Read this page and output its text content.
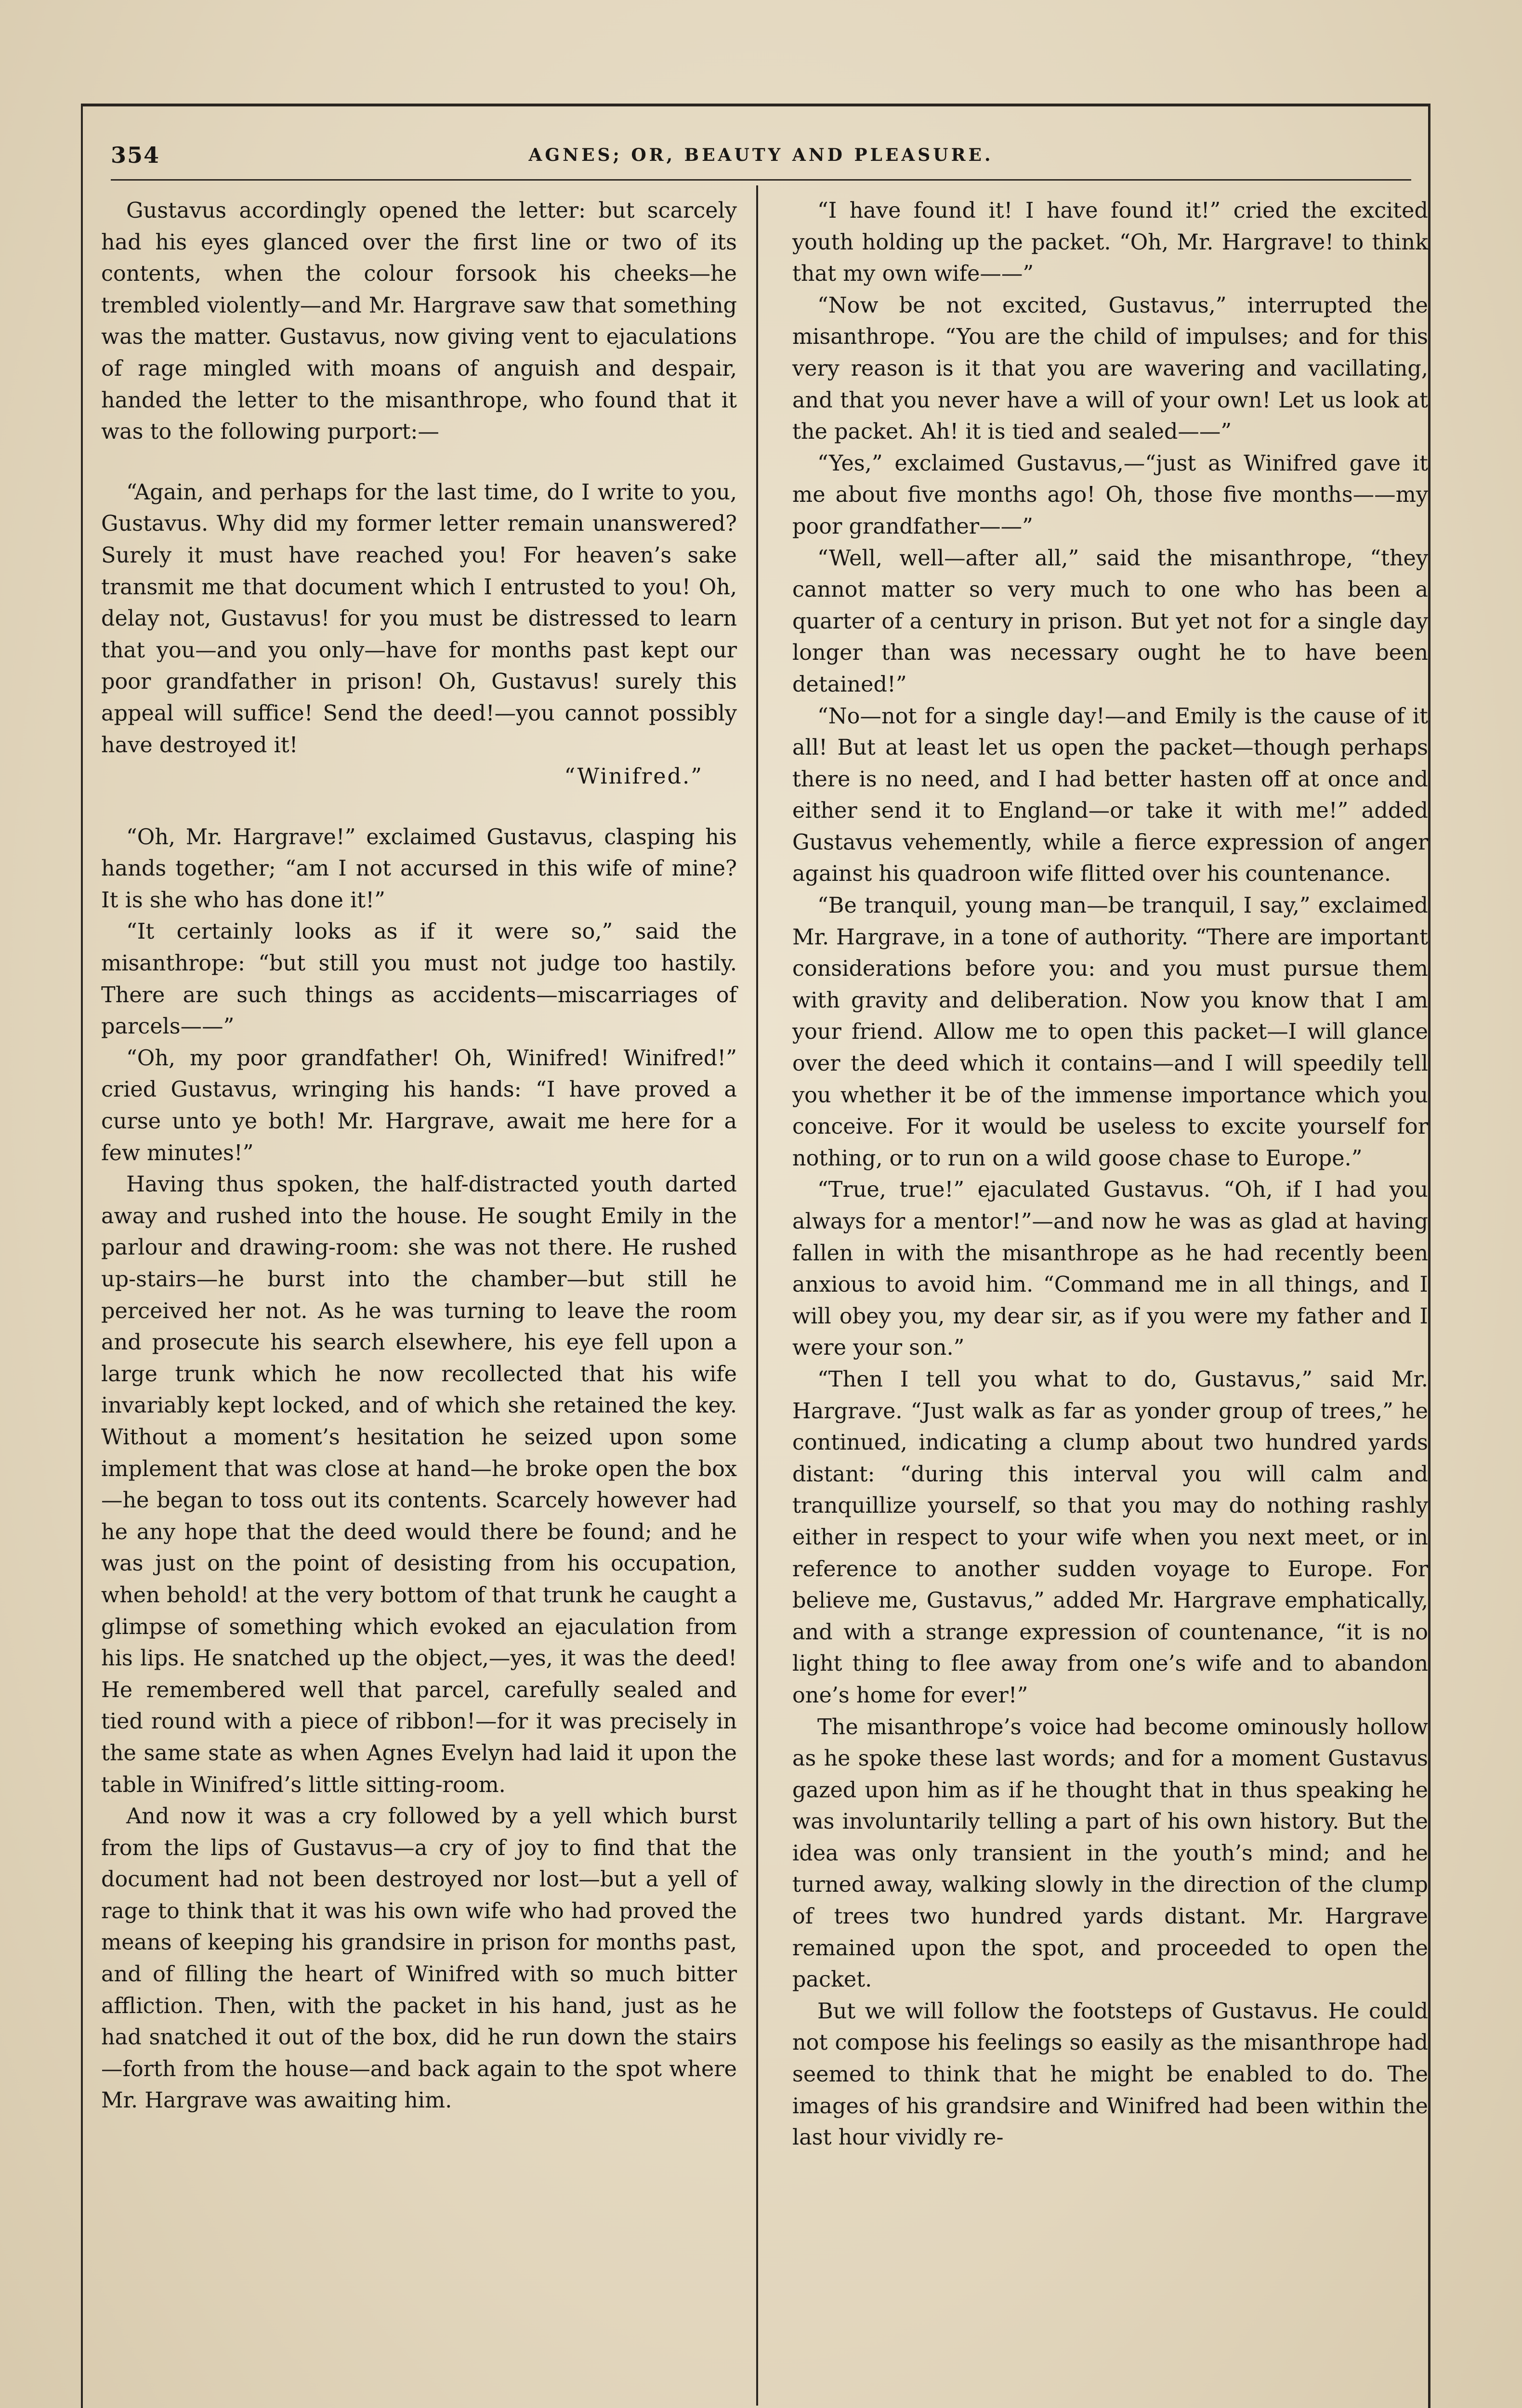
AGNES; OR, BEAUTY AND PLEASURE.
354

Gustavus accordingly opened the letter: but scarcely had his eyes glanced over the first line or two of its contents, when the colour forsook his cheeks—he trembled violently—and Mr. Hargrave saw that something was the matter. Gustavus, now giving vent to ejaculations of rage mingled with moans of anguish and despair, handed the letter to the misanthrope, who found that it was to the following purport:—

“Again, and perhaps for the last time, do I write to you, Gustavus. Why did my former letter remain unanswered? Surely it must have reached you! For heaven’s sake transmit me that document which I entrusted to you! Oh, delay not, Gustavus! for you must be distressed to learn that you—and you only—have for months past kept our poor grandfather in prison! Oh, Gustavus! surely this appeal will suffice! Send the deed!—you cannot possibly have destroyed it!

“Winifred.”

“Oh, Mr. Hargrave!” exclaimed Gustavus, clasping his hands together; “am I not accursed in this wife of mine? It is she who has done it!”

“It certainly looks as if it were so,” said the misanthrope: “but still you must not judge too hastily. There are such things as accidents—miscarriages of parcels——”

“Oh, my poor grandfather! Oh, Winifred! Winifred!” cried Gustavus, wringing his hands: “I have proved a curse unto ye both! Mr. Hargrave, await me here for a few minutes!”

Having thus spoken, the half-distracted youth darted away and rushed into the house. He sought Emily in the parlour and drawing-room: she was not there. He rushed up-stairs—he burst into the chamber—but still he perceived her not. As he was turning to leave the room and prosecute his search elsewhere, his eye fell upon a large trunk which he now recollected that his wife invariably kept locked, and of which she retained the key. Without a moment’s hesitation he seized upon some implement that was close at hand—he broke open the box—he began to toss out its contents. Scarcely however had he any hope that the deed would there be found; and he was just on the point of desisting from his occupation, when behold! at the very bottom of that trunk he caught a glimpse of something which evoked an ejaculation from his lips. He snatched up the object,—yes, it was the deed! He remembered well that parcel, carefully sealed and tied round with a piece of ribbon!—for it was precisely in the same state as when Agnes Evelyn had laid it upon the table in Winifred’s little sitting-room.

And now it was a cry followed by a yell which burst from the lips of Gustavus—a cry of joy to find that the document had not been destroyed nor lost—but a yell of rage to think that it was his own wife who had proved the means of keeping his grandsire in prison for months past, and of filling the heart of Winifred with so much bitter affliction. Then, with the packet in his hand, just as he had snatched it out of the box, did he run down the stairs—forth from the house—and back again to the spot where Mr. Hargrave was awaiting him.

“I have found it! I have found it!” cried the excited youth holding up the packet. “Oh, Mr. Hargrave! to think that my own wife——”

“Now be not excited, Gustavus,” interrupted the misanthrope. “You are the child of impulses; and for this very reason is it that you are wavering and vacillating, and that you never have a will of your own! Let us look at the packet. Ah! it is tied and sealed——”

“Yes,” exclaimed Gustavus,—“just as Winifred gave it me about five months ago! Oh, those five months——my poor grandfather——”

“Well, well—after all,” said the misanthrope, “they cannot matter so very much to one who has been a quarter of a century in prison. But yet not for a single day longer than was necessary ought he to have been detained!”

“No—not for a single day!—and Emily is the cause of it all! But at least let us open the packet—though perhaps there is no need, and I had better hasten off at once and either send it to England—or take it with me!” added Gustavus vehemently, while a fierce expression of anger against his quadroon wife flitted over his countenance.

“Be tranquil, young man—be tranquil, I say,” exclaimed Mr. Hargrave, in a tone of authority. “There are important considerations before you: and you must pursue them with gravity and deliberation. Now you know that I am your friend. Allow me to open this packet—I will glance over the deed which it contains—and I will speedily tell you whether it be of the immense importance which you conceive. For it would be useless to excite yourself for nothing, or to run on a wild goose chase to Europe.”

“True, true!” ejaculated Gustavus. “Oh, if I had you always for a mentor!”—and now he was as glad at having fallen in with the misanthrope as he had recently been anxious to avoid him. “Command me in all things, and I will obey you, my dear sir, as if you were my father and I were your son.”

“Then I tell you what to do, Gustavus,” said Mr. Hargrave. “Just walk as far as yonder group of trees,” he continued, indicating a clump about two hundred yards distant: “during this interval you will calm and tranquillize yourself, so that you may do nothing rashly either in respect to your wife when you next meet, or in reference to another sudden voyage to Europe. For believe me, Gustavus,” added Mr. Hargrave emphatically, and with a strange expression of countenance, “it is no light thing to flee away from one’s wife and to abandon one’s home for ever!”

The misanthrope’s voice had become ominously hollow as he spoke these last words; and for a moment Gustavus gazed upon him as if he thought that in thus speaking he was involuntarily telling a part of his own history. But the idea was only transient in the youth’s mind; and he turned away, walking slowly in the direction of the clump of trees two hundred yards distant. Mr. Hargrave remained upon the spot, and proceeded to open the packet.

But we will follow the footsteps of Gustavus. He could not compose his feelings so easily as the misanthrope had seemed to think that he might be enabled to do. The images of his grandsire and Winifred had been within the last hour vividly re-
